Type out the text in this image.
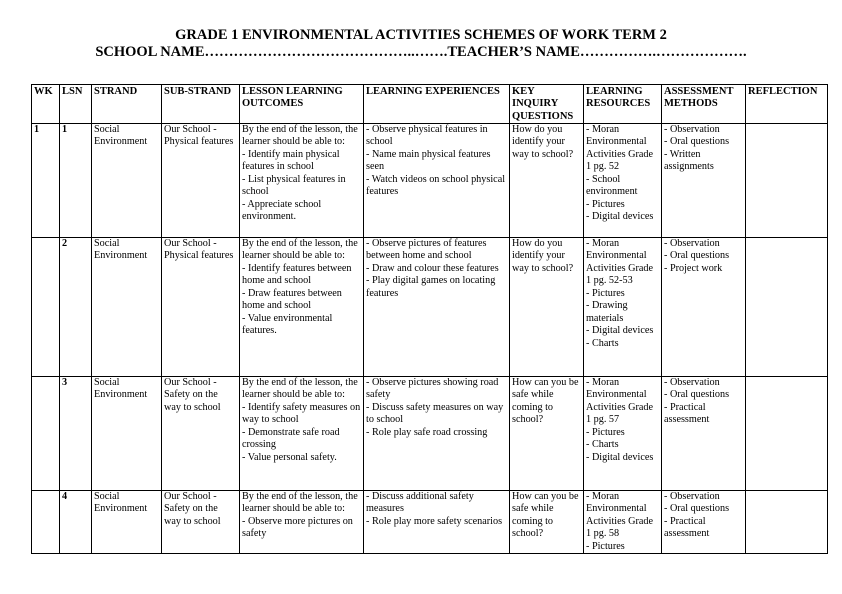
GRADE 1 ENVIRONMENTAL ACTIVITIES SCHEMES OF WORK TERM 2
SCHOOL NAME……………………………………..…….TEACHER’S NAME…………….……………….
WK	LSN	STRAND	SUB-STRAND	LESSON LEARNING OUTCOMES	LEARNING EXPERIENCES	KEY INQUIRY QUESTIONS	LEARNING RESOURCES	ASSESSMENT METHODS	REFLECTION
1	1	Social Environment	Our School - Physical features	By the end of the lesson, the learner should be able to:
- Identify main physical features in school
- List physical features in school
- Appreciate school environment.	- Observe physical features in school
- Name main physical features seen
- Watch videos on school physical features	How do you identify your way to school?	- Moran Environmental Activities Grade 1 pg. 52
- School environment
- Pictures
- Digital devices	- Observation
- Oral questions
- Written assignments	

	2	Social Environment	Our School - Physical features	By the end of the lesson, the learner should be able to:
- Identify features between home and school
- Draw features between home and school
- Value environmental features.	- Observe pictures of features between home and school
- Draw and colour these features
- Play digital games on locating features	How do you identify your way to school?	- Moran Environmental Activities Grade 1 pg. 52-53
- Pictures
- Drawing materials
- Digital devices
- Charts	- Observation
- Oral questions
- Project work	

	3	Social Environment	Our School - Safety on the way to school	By the end of the lesson, the learner should be able to:
- Identify safety measures on way to school
- Demonstrate safe road crossing
- Value personal safety.	- Observe pictures showing road safety
- Discuss safety measures on way to school
- Role play safe road crossing	How can you be safe while coming to school?	- Moran Environmental Activities Grade 1 pg. 57
- Pictures
- Charts
- Digital devices	- Observation
- Oral questions
- Practical assessment	

	4	Social Environment	Our School - Safety on the way to school	By the end of the lesson, the learner should be able to:
- Observe more pictures on safety	- Discuss additional safety measures
- Role play more safety scenarios	How can you be safe while coming to school?	- Moran Environmental Activities Grade 1 pg. 58
- Pictures	- Observation
- Oral questions
- Practical assessment	
